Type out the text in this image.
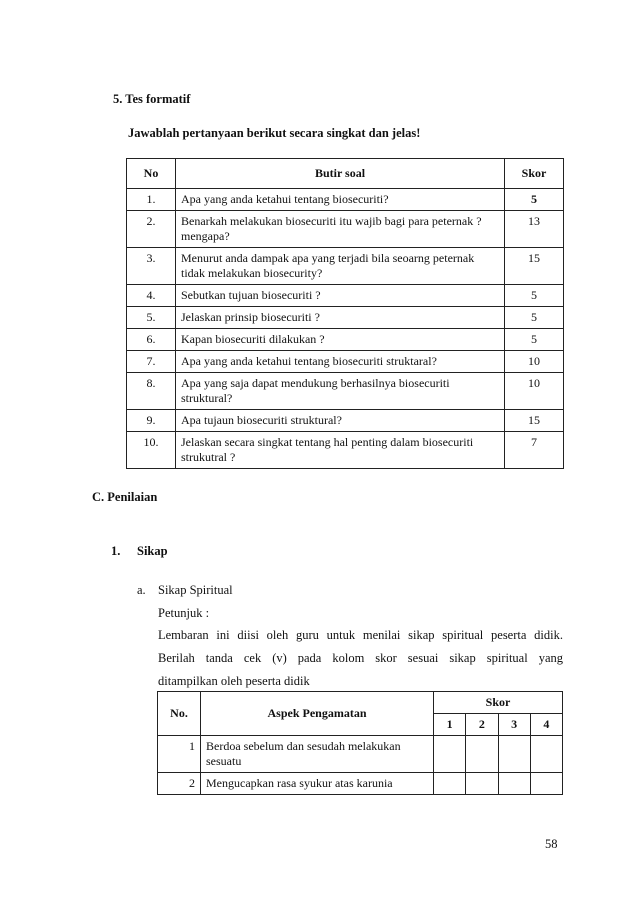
5. Tes formatif
Jawablah pertanyaan berikut secara singkat dan jelas!
No	Butir soal	Skor
1.	Apa yang anda ketahui tentang biosecuriti?	5
2.	Benarkah melakukan biosecuriti itu wajib bagi para peternak ? mengapa?	13
3.	Menurut anda dampak apa yang terjadi bila seoarng peternak tidak melakukan biosecurity?	15
4.	Sebutkan tujuan biosecuriti ?	5
5.	Jelaskan prinsip biosecuriti ?	5
6.	Kapan biosecuriti dilakukan ?	5
7.	Apa yang anda ketahui tentang biosecuriti struktaral?	10
8.	Apa yang saja dapat mendukung berhasilnya biosecuriti struktural?	10
9.	Apa tujaun biosecuriti struktural?	15
10.	Jelaskan secara singkat tentang hal penting dalam biosecuriti strukutral ?	7
C. Penilaian
1. Sikap
a. Sikap Spiritual
Petunjuk :
Lembaran ini diisi oleh guru untuk menilai sikap spiritual peserta didik.
Berilah tanda cek (v) pada kolom skor sesuai sikap spiritual yang
ditampilkan oleh peserta didik
No.	Aspek Pengamatan	Skor			
		1	2	3	4
1	Berdoa sebelum dan sesudah melakukan sesuatu				
2	Mengucapkan rasa syukur atas karunia				
58
